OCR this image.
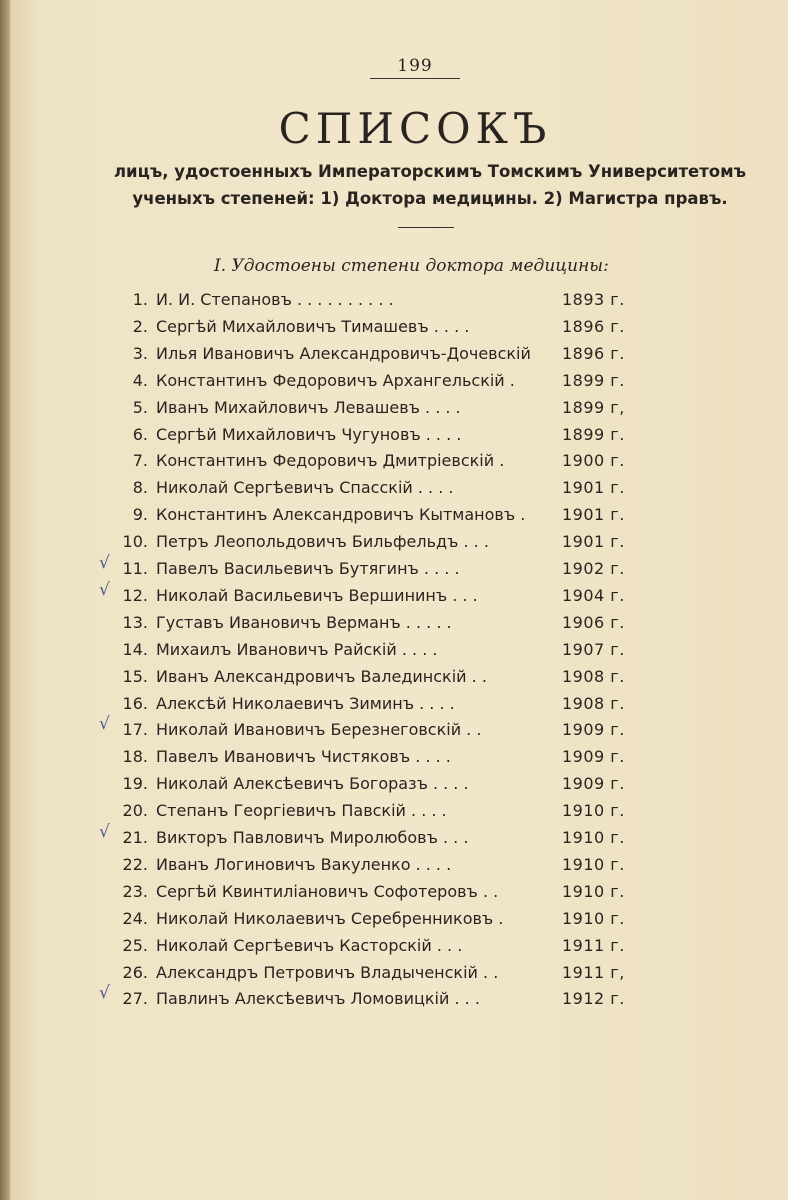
199
СПИСОКЪ
лицъ, удостоенныхъ Императорскимъ Томскимъ Университетомъ
ученыхъ степеней: 1) Доктора медицины. 2) Магистра правъ.
I. Удостоены степени доктора медицины:
1. И. И. Степановъ . . . . . . . . . .	1893 г.
2. Сергѣй Михайловичъ Тимашевъ . . . .	1896 г.
3. Илья Ивановичъ Александровичъ-Дочевскій 1896 г.
4. Константинъ Федоровичъ Архангельскій .	1899 г.
5. Иванъ Михайловичъ Левашевъ . . . .	1899 г,
6. Сергѣй Михайловичъ Чугуновъ . . . .	1899 г.
7. Константинъ Федоровичъ Дмитріевскій .	1900 г.
8. Николай Сергѣевичъ Спасскій . . . .	1901 г.
9. Константинъ Александровичъ Кытмановъ . 1901 г.
10. Петръ Леопольдовичъ Бильфельдъ . . .	1901 г.
√ 11. Павелъ Васильевичъ Бутягинъ . . . .	1902 г.
√ 12. Николай Васильевичъ Вершининъ . . .	1904 г.
13. Густавъ Ивановичъ Верманъ . . . . .	1906 г.
14. Михаилъ Ивановичъ Райскій . . . .	1907 г.
15. Иванъ Александровичъ Валединскій . .	1908 г.
16. Алексѣй Николаевичъ Зиминъ . . . .	1908 г.
√ 17. Николай Ивановичъ Березнеговскій . .	1909 г.
18. Павелъ Ивановичъ Чистяковъ . . . .	1909 г.
19. Николай Алексѣевичъ Богоразъ . . . .	1909 г.
20. Степанъ Георгіевичъ Павскій . . . .	1910 г.
√ 21. Викторъ Павловичъ Миролюбовъ . . .	1910 г.
22. Иванъ Логиновичъ Вакуленко . . . .	1910 г.
23. Сергѣй Квинтиліановичъ Софотеровъ . .	1910 г.
24. Николай Николаевичъ Серебренниковъ .	1910 г.
25. Николай Сергѣевичъ Касторскій . . .	1911 г.
26. Александръ Петровичъ Владыченскій . .	1911 г,
√ 27. Павлинъ Алексѣевичъ Ломовицкій . . .	1912 г.
